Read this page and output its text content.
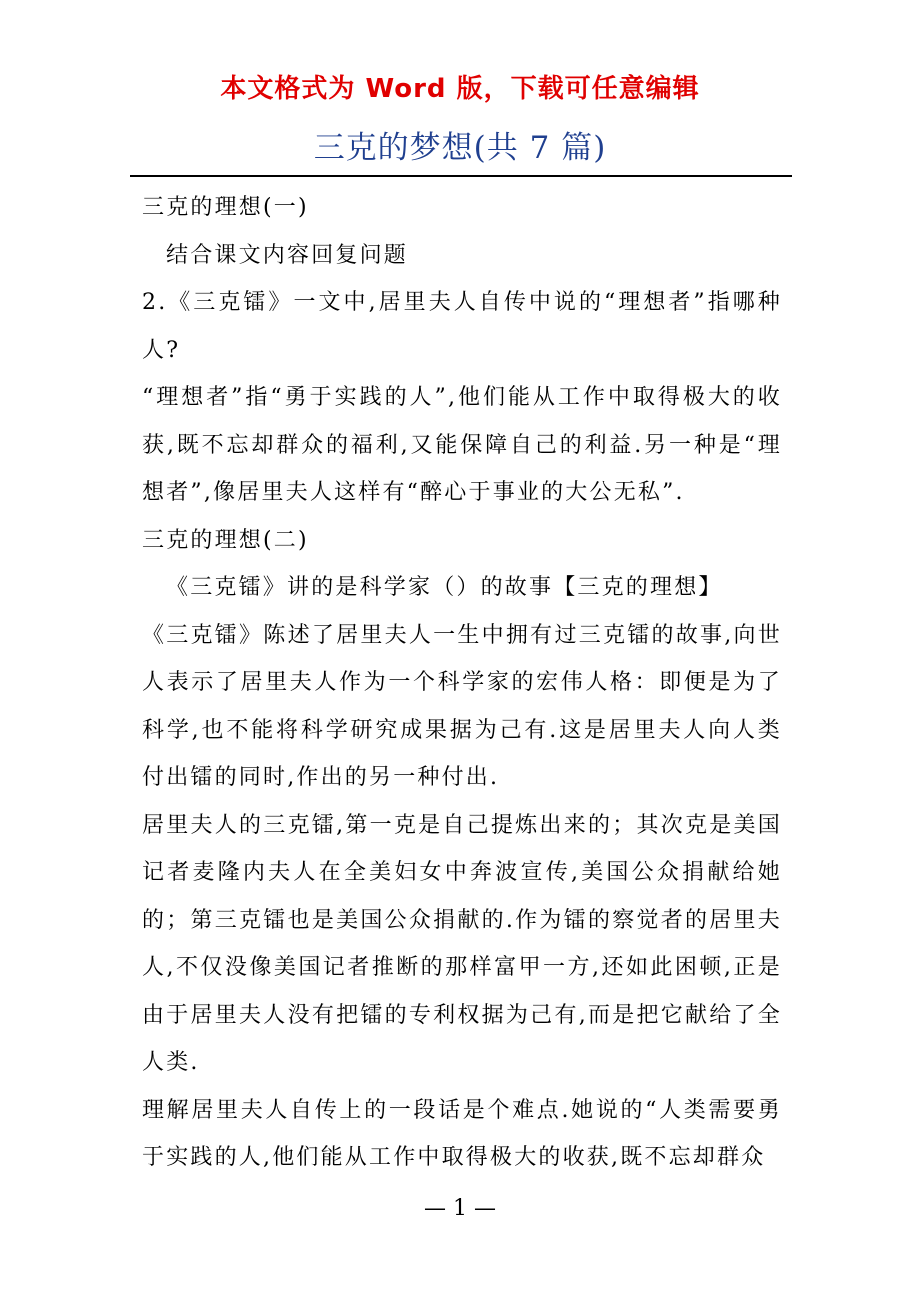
本文格式为 Word 版，下载可任意编辑
三克的梦想(共 7 篇)

三克的理想(一)

结合课文内容回复问题

2.《三克镭》一文中,居里夫人自传中说的“理想者”指哪种人?

“理想者”指“勇于实践的人”,他们能从工作中取得极大的收获,既不忘却群众的福利,又能保障自己的利益.另一种是“理想者”,像居里夫人这样有“醉心于事业的大公无私”.

三克的理想(二)

《三克镭》讲的是科学家（）的故事【三克的理想】

《三克镭》陈述了居里夫人一生中拥有过三克镭的故事,向世人表示了居里夫人作为一个科学家的宏伟人格：即便是为了科学,也不能将科学研究成果据为己有.这是居里夫人向人类付出镭的同时,作出的另一种付出.

居里夫人的三克镭,第一克是自己提炼出来的；其次克是美国记者麦隆内夫人在全美妇女中奔波宣传,美国公众捐献给她的；第三克镭也是美国公众捐献的.作为镭的察觉者的居里夫人,不仅没像美国记者推断的那样富甲一方,还如此困顿,正是由于居里夫人没有把镭的专利权据为己有,而是把它献给了全人类.

理解居里夫人自传上的一段话是个难点.她说的“人类需要勇于实践的人,他们能从工作中取得极大的收获,既不忘却群众

— 1 —
